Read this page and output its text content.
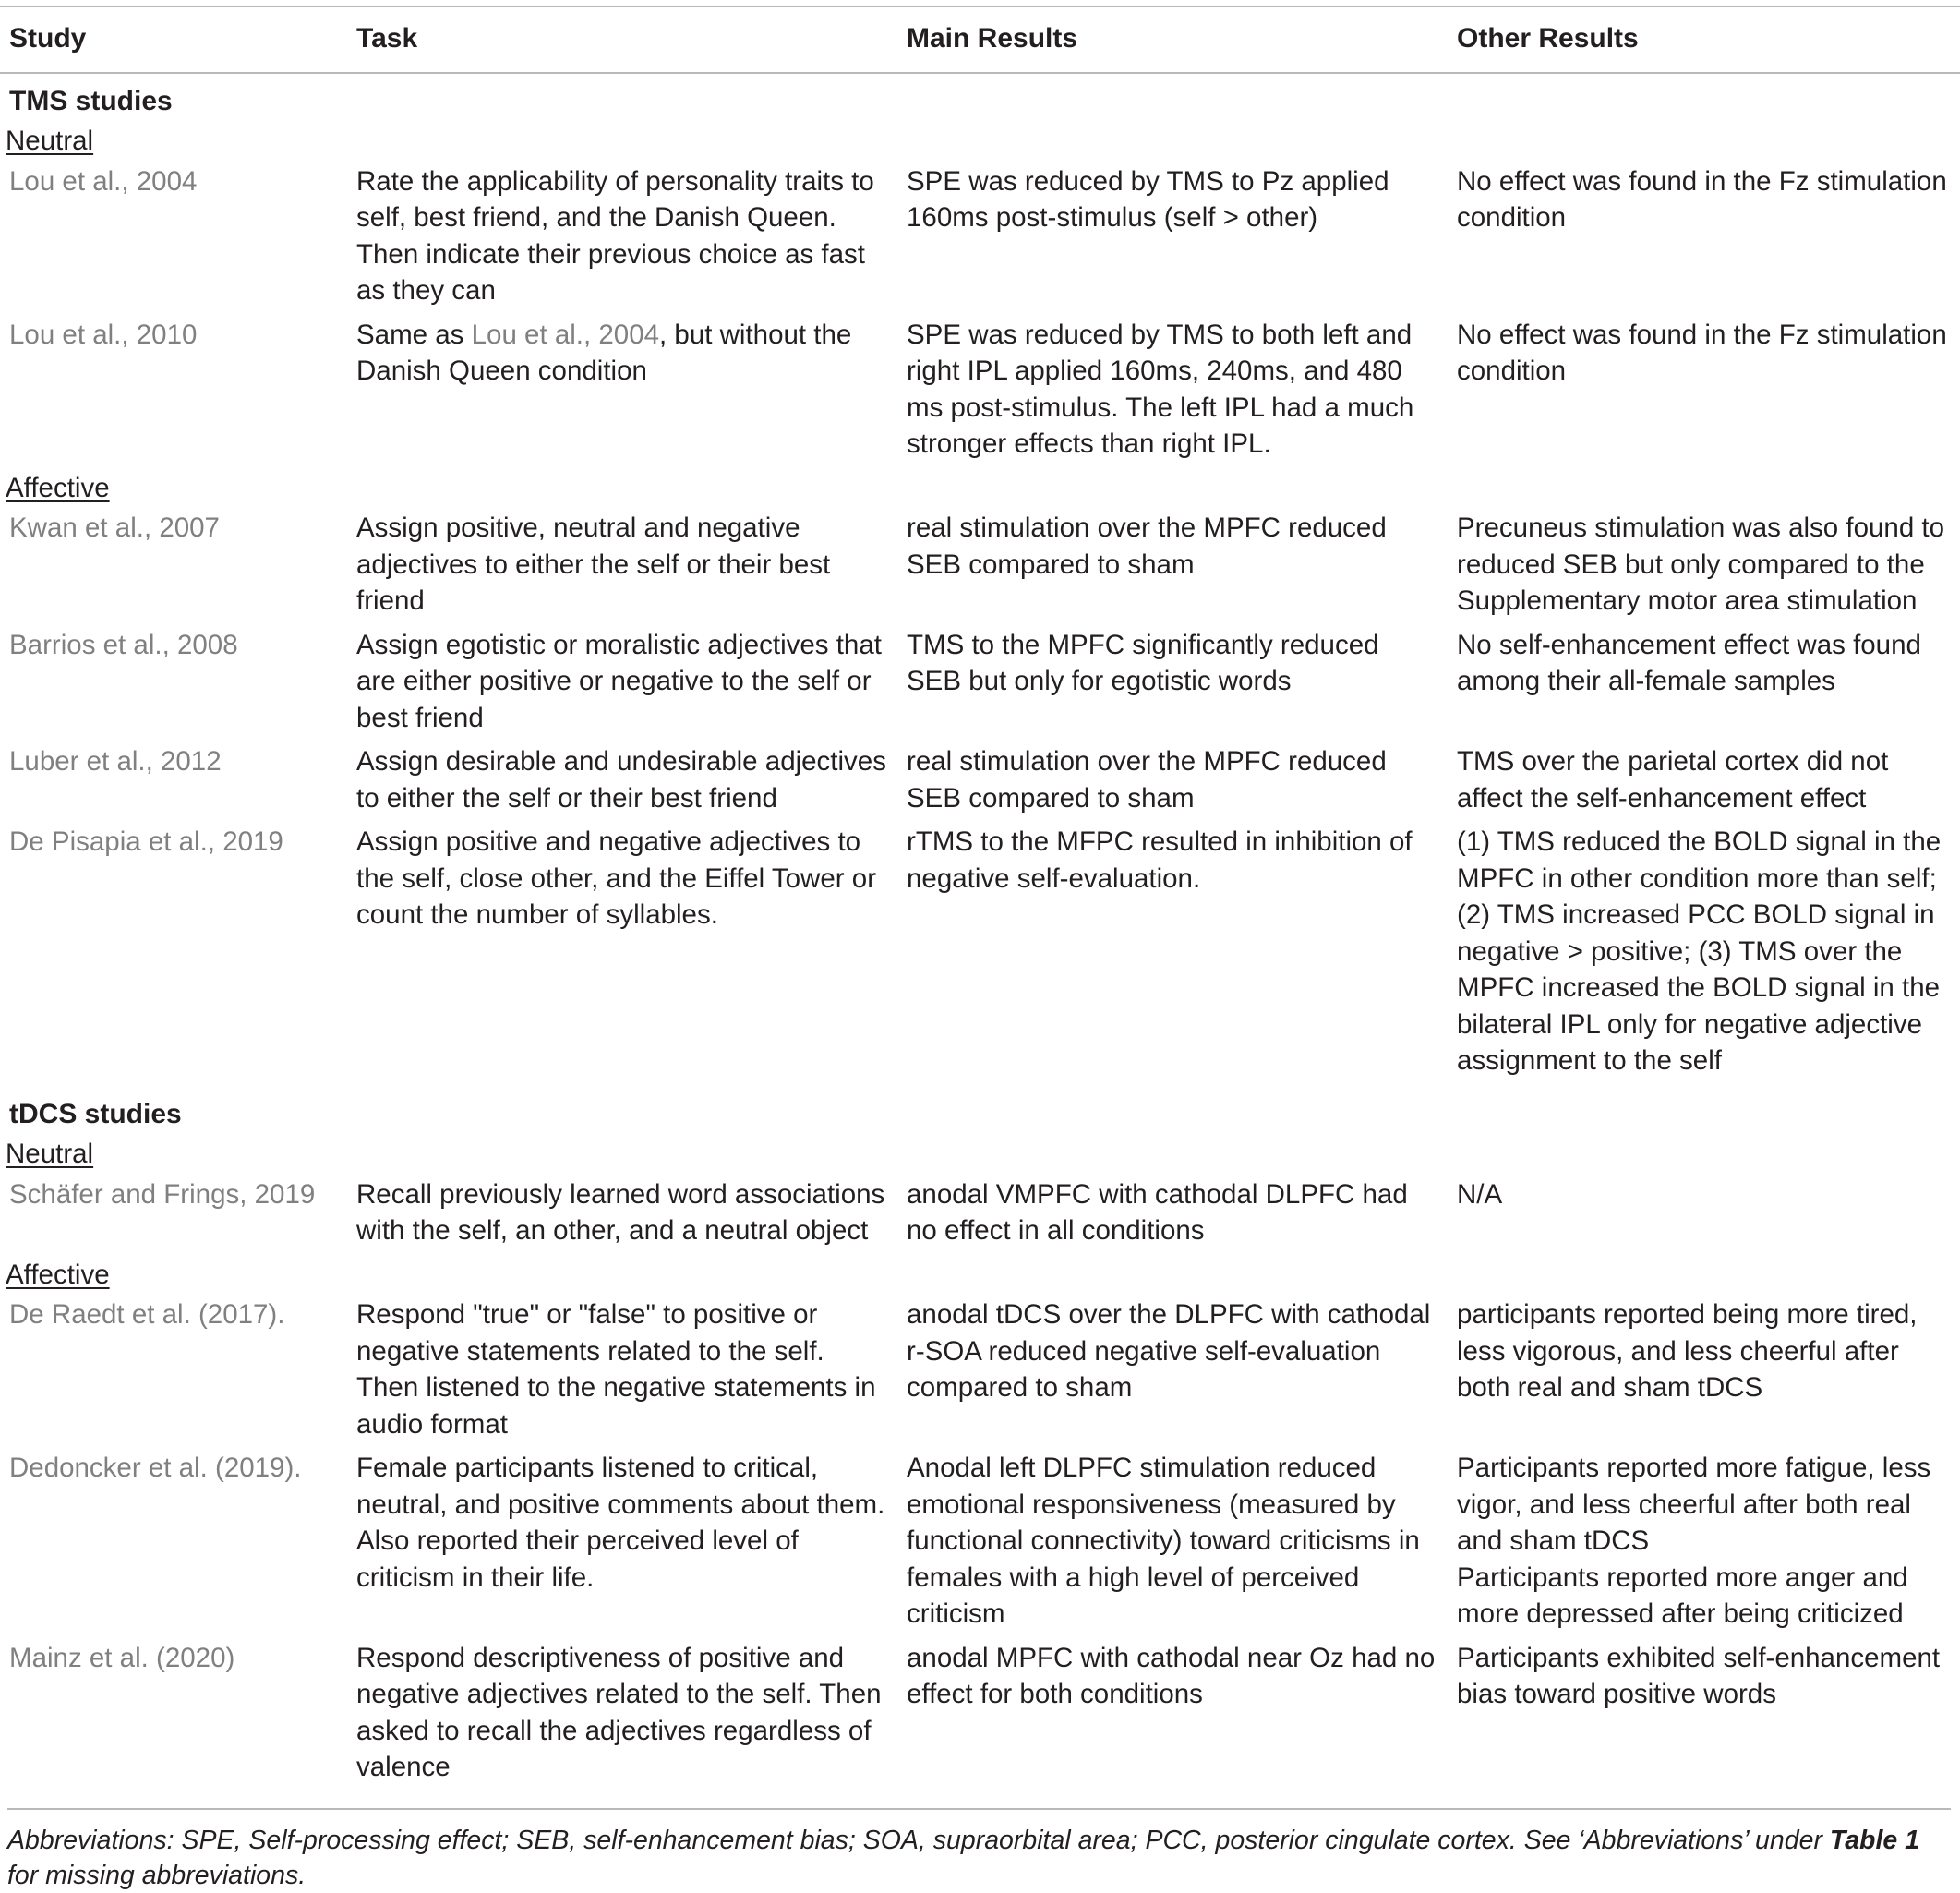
Study	Task	Main Results	Other Results
TMS studies			
Neutral			
Lou et al., 2004	Rate the applicability of personality traits to self, best friend, and the Danish Queen. Then indicate their previous choice as fast as they can	SPE was reduced by TMS to Pz applied 160ms post-stimulus (self > other)	No effect was found in the Fz stimulation condition
Lou et al., 2010	Same as Lou et al., 2004, but without the Danish Queen condition	SPE was reduced by TMS to both left and right IPL applied 160ms, 240ms, and 480 ms post-stimulus. The left IPL had a much stronger effects than right IPL.	No effect was found in the Fz stimulation condition
Affective			
Kwan et al., 2007	Assign positive, neutral and negative adjectives to either the self or their best friend	real stimulation over the MPFC reduced SEB compared to sham	Precuneus stimulation was also found to reduced SEB but only compared to the Supplementary motor area stimulation
Barrios et al., 2008	Assign egotistic or moralistic adjectives that are either positive or negative to the self or best friend	TMS to the MPFC significantly reduced SEB but only for egotistic words	No self-enhancement effect was found among their all-female samples
Luber et al., 2012	Assign desirable and undesirable adjectives to either the self or their best friend	real stimulation over the MPFC reduced SEB compared to sham	TMS over the parietal cortex did not affect the self-enhancement effect
De Pisapia et al., 2019	Assign positive and negative adjectives to the self, close other, and the Eiffel Tower or count the number of syllables.	rTMS to the MFPC resulted in inhibition of negative self-evaluation.	(1) TMS reduced the BOLD signal in the MPFC in other condition more than self; (2) TMS increased PCC BOLD signal in negative > positive; (3) TMS over the MPFC increased the BOLD signal in the bilateral IPL only for negative adjective assignment to the self
tDCS studies			
Neutral			
Schäfer and Frings, 2019	Recall previously learned word associations with the self, an other, and a neutral object	anodal VMPFC with cathodal DLPFC had no effect in all conditions	N/A
Affective			
De Raedt et al. (2017).	Respond "true" or "false" to positive or negative statements related to the self. Then listened to the negative statements in audio format	anodal tDCS over the DLPFC with cathodal r-SOA reduced negative self-evaluation compared to sham	participants reported being more tired, less vigorous, and less cheerful after both real and sham tDCS
Dedoncker et al. (2019).	Female participants listened to critical, neutral, and positive comments about them. Also reported their perceived level of criticism in their life.	Anodal left DLPFC stimulation reduced emotional responsiveness (measured by functional connectivity) toward criticisms in females with a high level of perceived criticism	Participants reported more fatigue, less vigor, and less cheerful after both real and sham tDCS
Participants reported more anger and more depressed after being criticized

Mainz et al. (2020)	Respond descriptiveness of positive and negative adjectives related to the self. Then asked to recall the adjectives regardless of valence	anodal MPFC with cathodal near Oz had no effect for both conditions	Participants exhibited self-enhancement bias toward positive words
Abbreviations: SPE, Self-processing effect; SEB, self-enhancement bias; SOA, supraorbital area; PCC, posterior cingulate cortex. See ‘Abbreviations’ under Table 1 for missing abbreviations.
